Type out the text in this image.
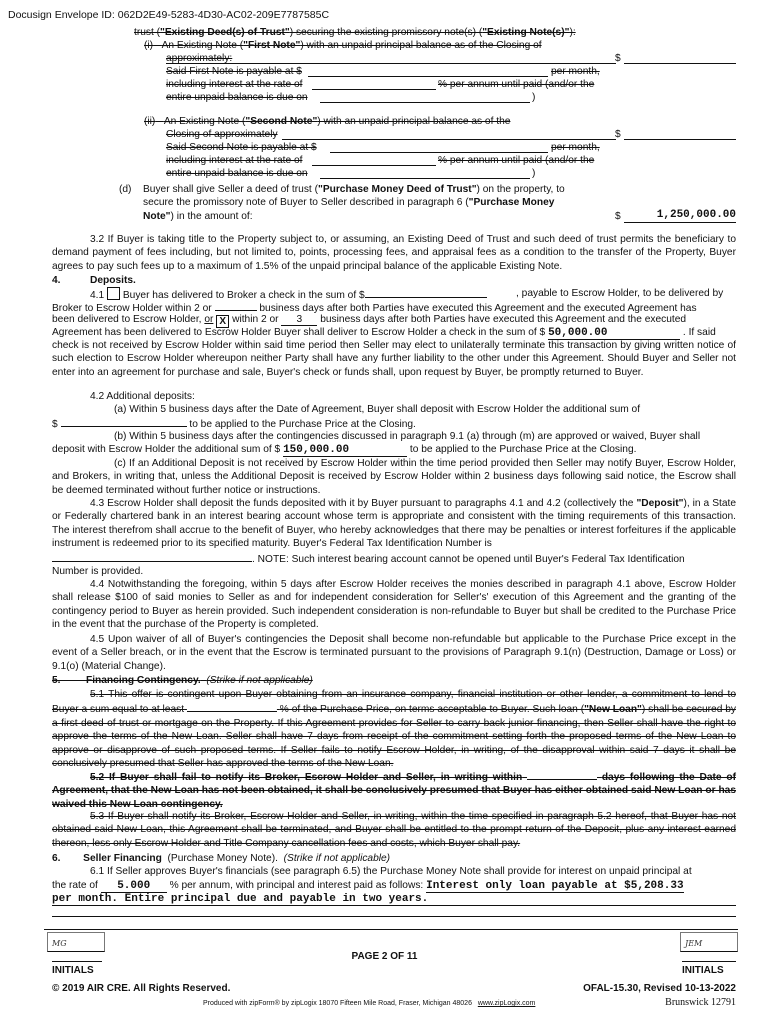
Docusign Envelope ID: 062D2E49-5283-4D30-AC02-209E7787585C
trust ("Existing Deed(s) of Trust") securing the existing promissory note(s) ("Existing Note(s)"):
(i) An Existing Note ("First Note") with an unpaid principal balance as of the Closing of
approximately:	$
Said First Note is payable at $	per month,
including interest at the rate of	% per annum until paid (and/or the
entire unpaid balance is due on	)
(ii) An Existing Note ("Second Note") with an unpaid principal balance as of the
Closing of approximately	$
Said Second Note is payable at $	per month,
including interest at the rate of	% per annum until paid (and/or the
entire unpaid balance is due on	)
(d) Buyer shall give Seller a deed of trust ("Purchase Money Deed of Trust") on the property, to
secure the promissory note of Buyer to Seller described in paragraph 6 ("Purchase Money
Note") in the amount of:	$	1,250,000.00
3.2 If Buyer is taking title to the Property subject to, or assuming, an Existing Deed of Trust and such deed of trust permits the beneficiary to demand payment of fees including, but not limited to, points, processing fees, and appraisal fees as a condition to the transfer of the Property, Buyer agrees to pay such fees up to a maximum of 1.5% of the unpaid principal balance of the applicable Existing Note.
4.	Deposits.
4.1 Buyer has delivered to Broker a check in the sum of $	, payable to Escrow Holder, to be delivered by
Broker to Escrow Holder within 2 or	business days after both Parties have executed this Agreement and the executed Agreement has
been delivered to Escrow Holder, or X within 2 or 3 business days after both Parties have executed this Agreement and the executed
Agreement has been delivered to Escrow Holder Buyer shall deliver to Escrow Holder a check in the sum of $ 50,000.00	. If said
check is not received by Escrow Holder within said time period then Seller may elect to unilaterally terminate this transaction by giving written notice of such election to Escrow Holder whereupon neither Party shall have any further liability to the other under this Agreement. Should Buyer and Seller not enter into an agreement for purchase and sale, Buyer's check or funds shall, upon request by Buyer, be promptly returned to Buyer.
4.2 Additional deposits:
(a) Within 5 business days after the Date of Agreement, Buyer shall deposit with Escrow Holder the additional sum of
$	to be applied to the Purchase Price at the Closing.
(b) Within 5 business days after the contingencies discussed in paragraph 9.1 (a) through (m) are approved or waived, Buyer shall
deposit with Escrow Holder the additional sum of $ 150,000.00	to be applied to the Purchase Price at the Closing.
(c) If an Additional Deposit is not received by Escrow Holder within the time period provided then Seller may notify Buyer, Escrow Holder, and Brokers, in writing that, unless the Additional Deposit is received by Escrow Holder within 2 business days following said notice, the Escrow shall be deemed terminated without further notice or instructions.
4.3 Escrow Holder shall deposit the funds deposited with it by Buyer pursuant to paragraphs 4.1 and 4.2 (collectively the "Deposit"), in a State or Federally chartered bank in an interest bearing account whose term is appropriate and consistent with the timing requirements of this transaction. The interest therefrom shall accrue to the benefit of Buyer, who hereby acknowledges that there may be penalties or interest forfeitures if the applicable instrument is redeemed prior to its specified maturity. Buyer's Federal Tax Identification Number is
. NOTE: Such interest bearing account cannot be opened until Buyer's Federal Tax Identification
Number is provided.
4.4 Notwithstanding the foregoing, within 5 days after Escrow Holder receives the monies described in paragraph 4.1 above, Escrow Holder shall release $100 of said monies to Seller as and for independent consideration for Seller's' execution of this Agreement and the granting of the contingency period to Buyer as herein provided. Such independent consideration is non-refundable to Buyer but shall be credited to the Purchase Price in the event that the purchase of the Property is completed.
4.5 Upon waiver of all of Buyer's contingencies the Deposit shall become non-refundable but applicable to the Purchase Price except in the event of a Seller breach, or in the event that the Escrow is terminated pursuant to the provisions of Paragraph 9.1(n) (Destruction, Damage or Loss) or 9.1(o) (Material Change).
5. Financing Contingency. (Strike if not applicable)
5.1 This offer is contingent upon Buyer obtaining from an insurance company, financial institution or other lender, a commitment to lend to Buyer a sum equal to at least	% of the Purchase Price, on terms acceptable to Buyer. Such loan ("New Loan") shall be secured by a first deed of trust or mortgage on the Property. If this Agreement provides for Seller to carry back junior financing, then Seller shall have the right to approve the terms of the New Loan. Seller shall have 7 days from receipt of the commitment setting forth the proposed terms of the New Loan to approve or disapprove of such proposed terms. If Seller fails to notify Escrow Holder, in writing, of the disapproval within said 7 days it shall be conclusively presumed that Seller has approved the terms of the New Loan.
5.2 If Buyer shall fail to notify its Broker, Escrow Holder and Seller, in writing within	days following the Date of Agreement, that the New Loan has not been obtained, it shall be conclusively presumed that Buyer has either obtained said New Loan or has waived this New Loan contingency.
5.3 If Buyer shall notify its Broker, Escrow Holder and Seller, in writing, within the time specified in paragraph 5.2 hereof, that Buyer has not obtained said New Loan, this Agreement shall be terminated, and Buyer shall be entitled to the prompt return of the Deposit, plus any interest earned thereon, less only Escrow Holder and Title Company cancellation fees and costs, which Buyer shall pay.
6. Seller Financing (Purchase Money Note). (Strike if not applicable)
6.1 If Seller approves Buyer's financials (see paragraph 6.5) the Purchase Money Note shall provide for interest on unpaid principal at
the rate of 5.000 % per annum, with principal and interest paid as follows: Interest only loan payable at $5,208.33
per month. Entire principal due and payable in two years.
MG	JEM
PAGE 2 OF 11
INITIALS	INITIALS
© 2019 AIR CRE. All Rights Reserved.	OFAL-15.30, Revised 10-13-2022
Produced with zipForm® by zipLogix 18070 Fifteen Mile Road, Fraser, Michigan 48026 www.zipLogix.com	Brunswick 12791
